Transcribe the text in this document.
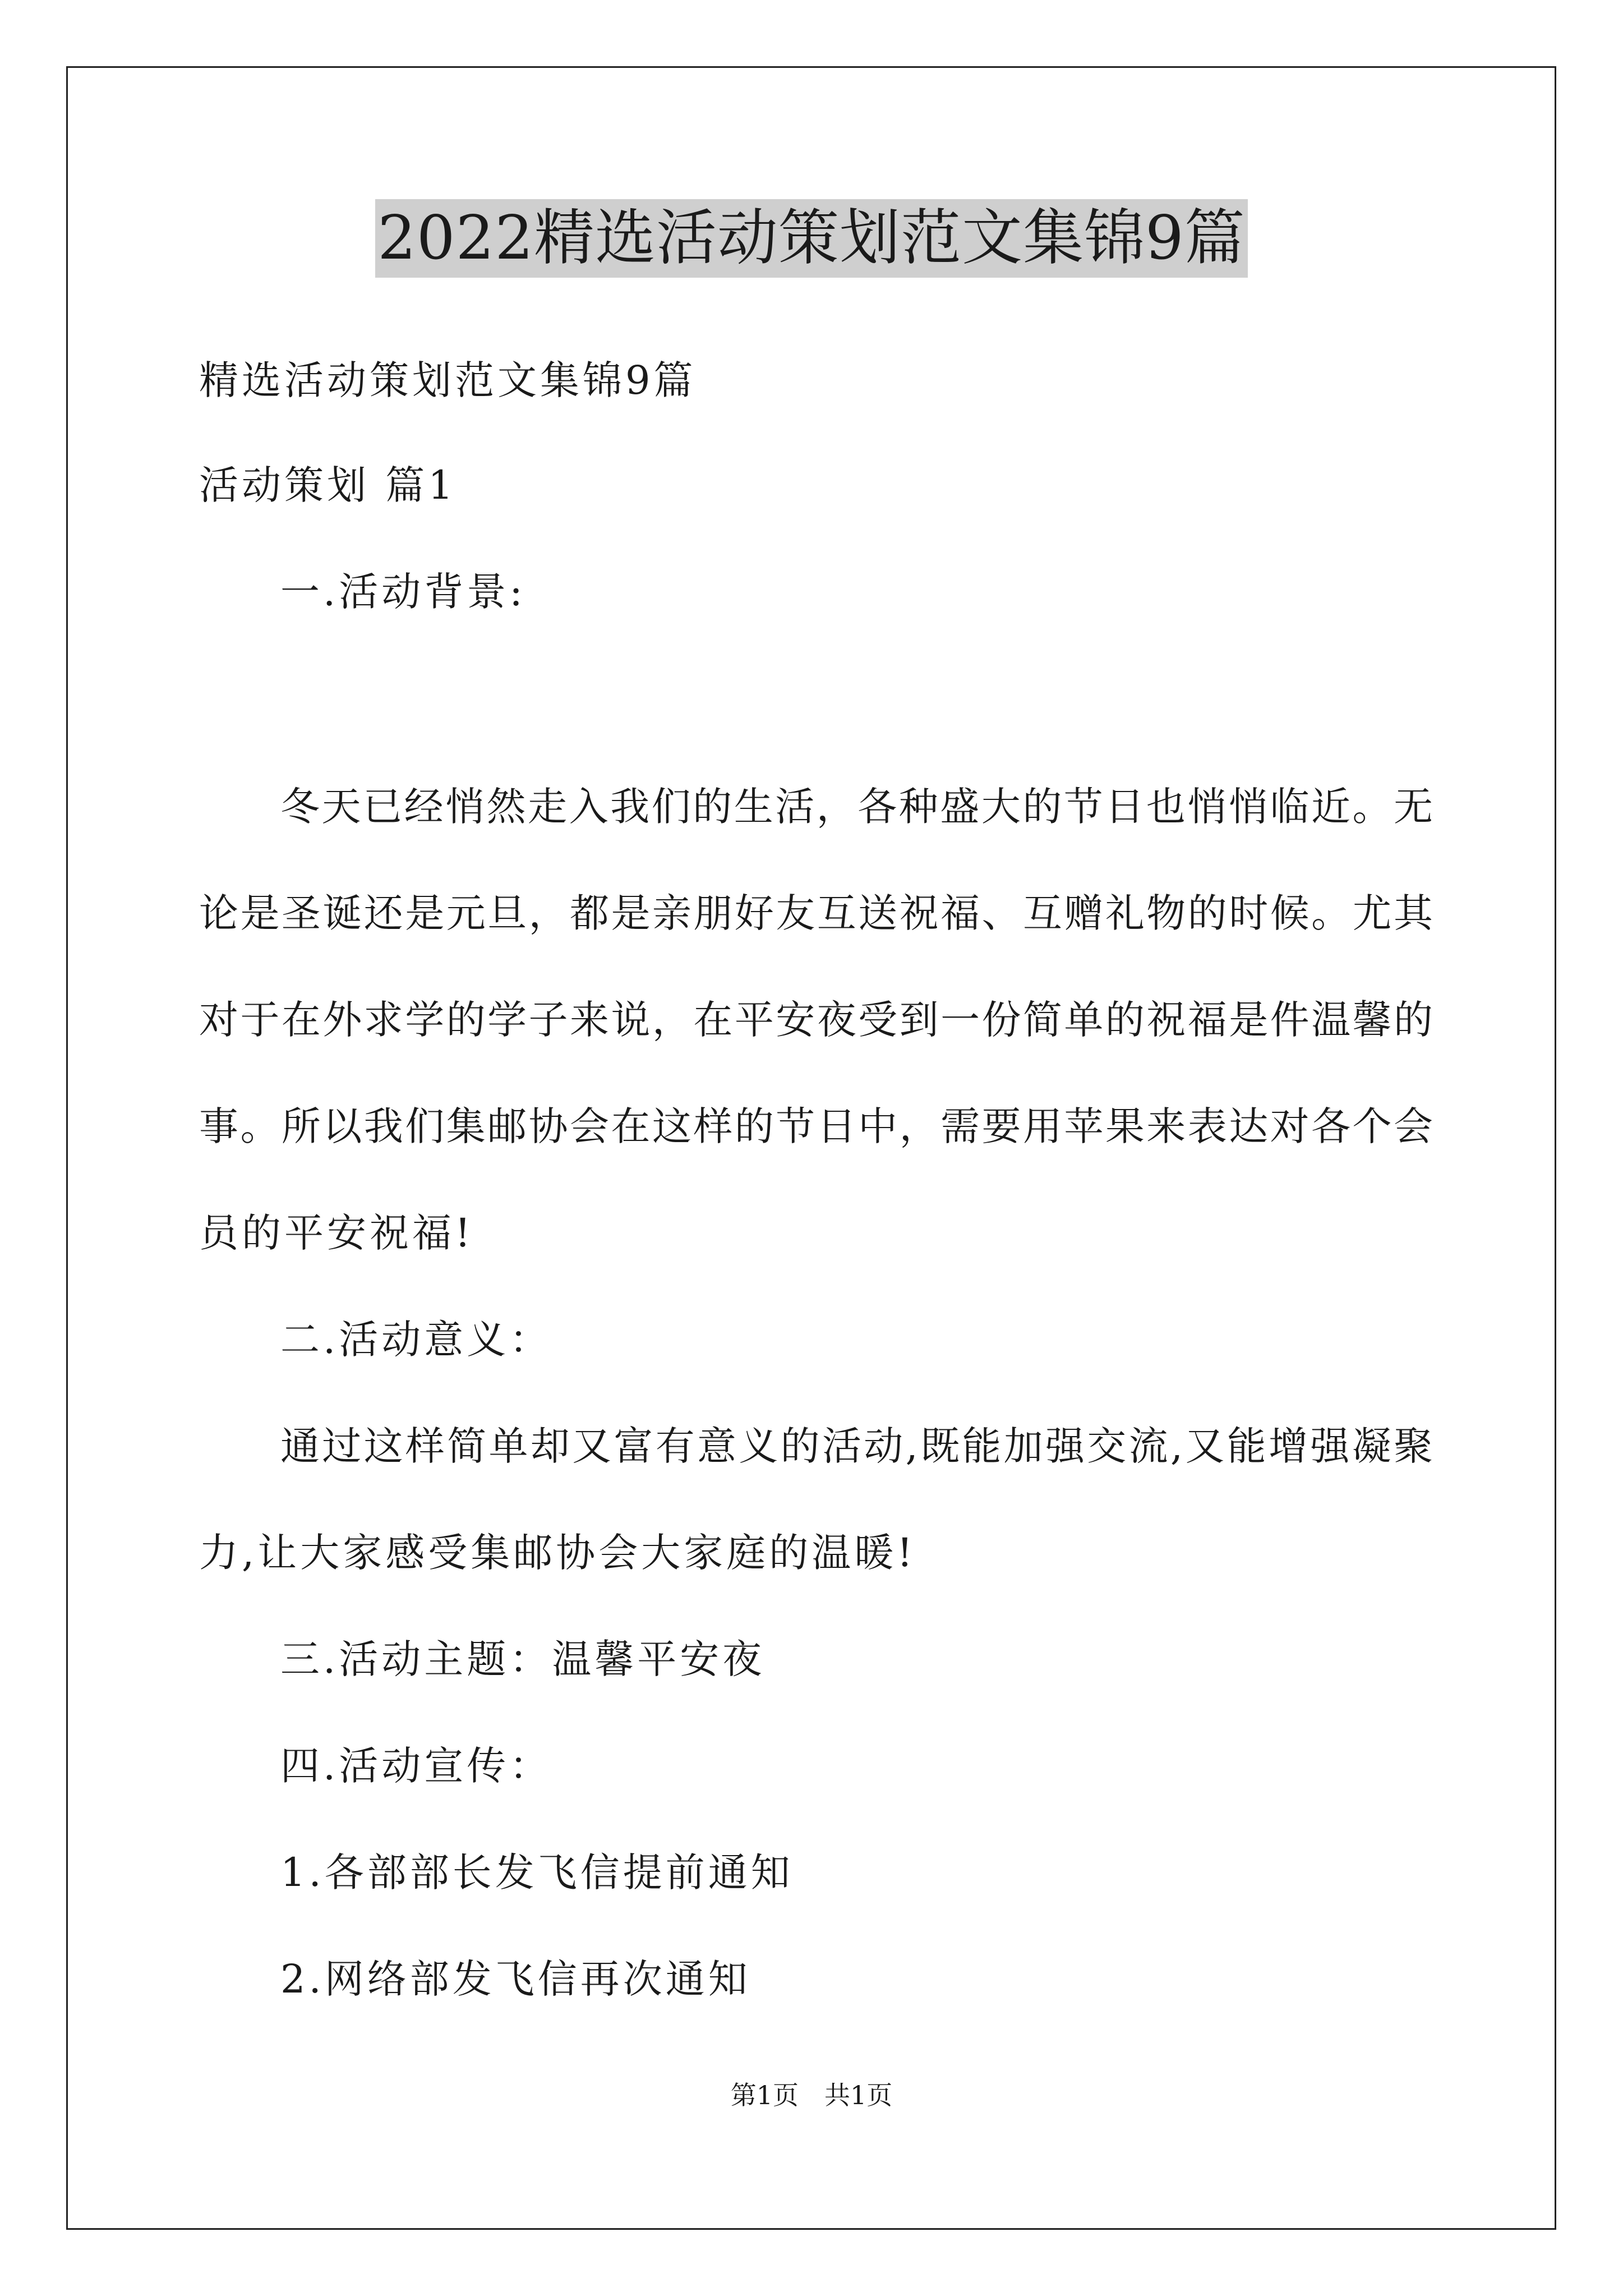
2022精选活动策划范文集锦9篇
精选活动策划范文集锦9篇
活动策划 篇1
一.活动背景:
冬天已经悄然走入我们的生活，各种盛大的节日也悄悄临近。无
论是圣诞还是元旦，都是亲朋好友互送祝福、互赠礼物的时候。尤其
对于在外求学的学子来说，在平安夜受到一份简单的祝福是件温馨的
事。所以我们集邮协会在这样的节日中，需要用苹果来表达对各个会
员的平安祝福!
二.活动意义：
通过这样简单却又富有意义的活动,既能加强交流,又能增强凝聚
力,让大家感受集邮协会大家庭的温暖!
三.活动主题：温馨平安夜
四.活动宣传：
1.各部部长发飞信提前通知
2.网络部发飞信再次通知
第1页　共1页
